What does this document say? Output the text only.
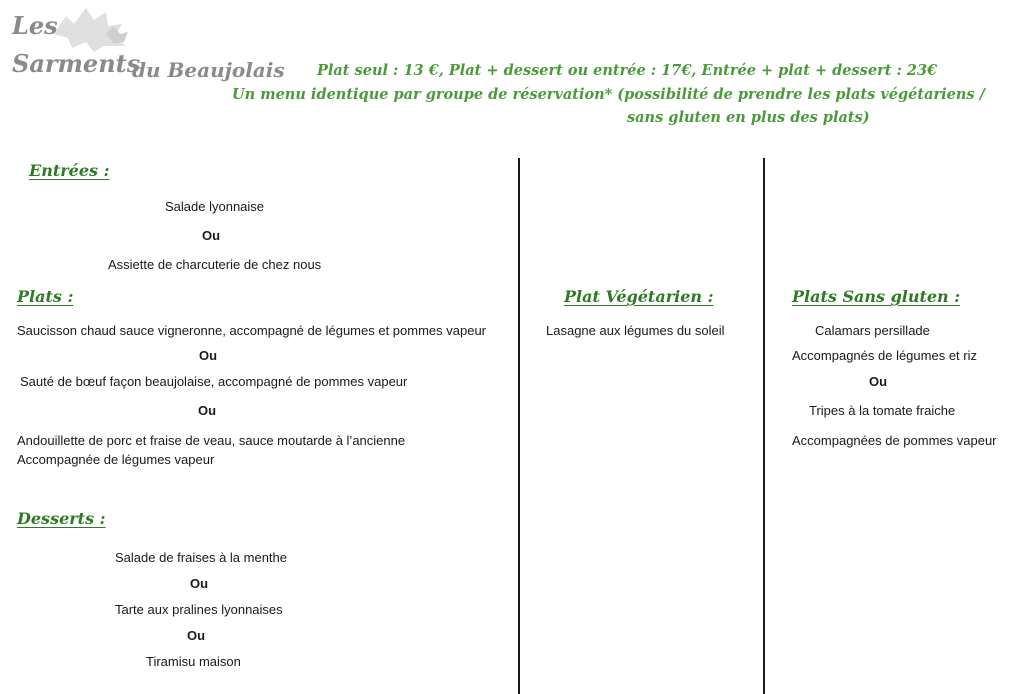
Les
Sarments
du Beaujolais Plat seul : 13 €, Plat + dessert ou entrée : 17€, Entrée + plat + dessert : 23€
Un menu identique par groupe de réservation* (possibilité de prendre les plats végétariens /
sans gluten en plus des plats)
Entrées :
Salade lyonnaise
Ou
Assiette de charcuterie de chez nous
Plats :
Saucisson chaud sauce vigneronne, accompagné de légumes et pommes vapeur
Ou
Sauté de bœuf façon beaujolaise, accompagné de pommes vapeur
Ou
Andouillette de porc et fraise de veau, sauce moutarde à l’ancienne
Accompagnée de légumes vapeur
Desserts :
Salade de fraises à la menthe
Ou
Tarte aux pralines lyonnaises
Ou
Tiramisu maison
Plat Végétarien :
Lasagne aux légumes du soleil
Plats Sans gluten :
Calamars persillade
Accompagnés de légumes et riz
Ou
Tripes à la tomate fraiche
Accompagnées de pommes vapeur
